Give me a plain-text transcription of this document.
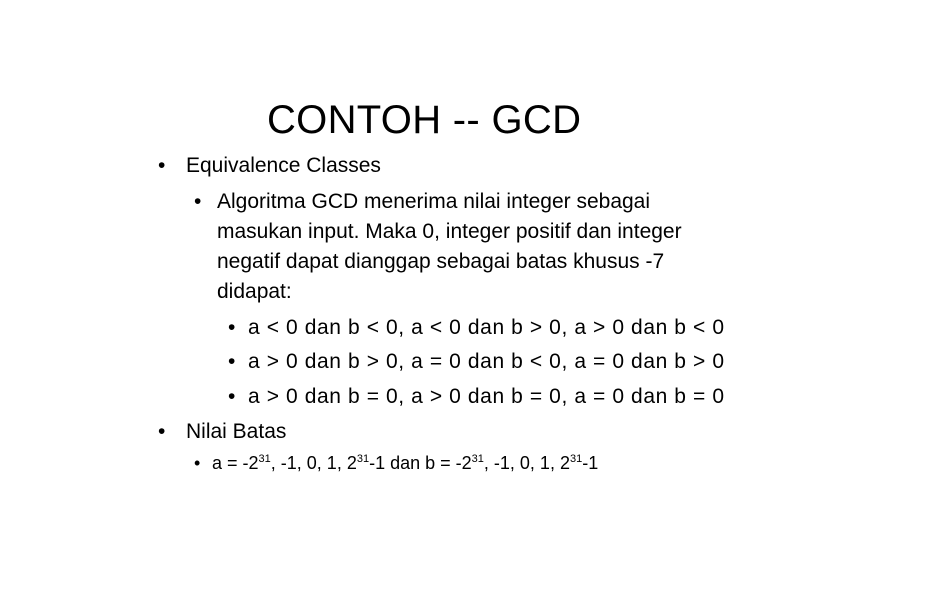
CONTOH -- GCD
• Equivalence Classes
• Algoritma GCD menerima nilai integer sebagai
masukan input. Maka 0, integer positif dan integer
negatif dapat dianggap sebagai batas khusus -7
didapat:
• a < 0 dan b < 0, a < 0 dan b > 0, a > 0 dan b < 0
• a > 0 dan b > 0, a = 0 dan b < 0, a = 0 dan b > 0
• a > 0 dan b = 0, a > 0 dan b = 0, a = 0 dan b = 0
• Nilai Batas
• $a = -2^{31}$, -1, 0, 1, $2^{31}-1$ dan $b = -2^{31}$, -1, 0, 1, $2^{31}-1$
